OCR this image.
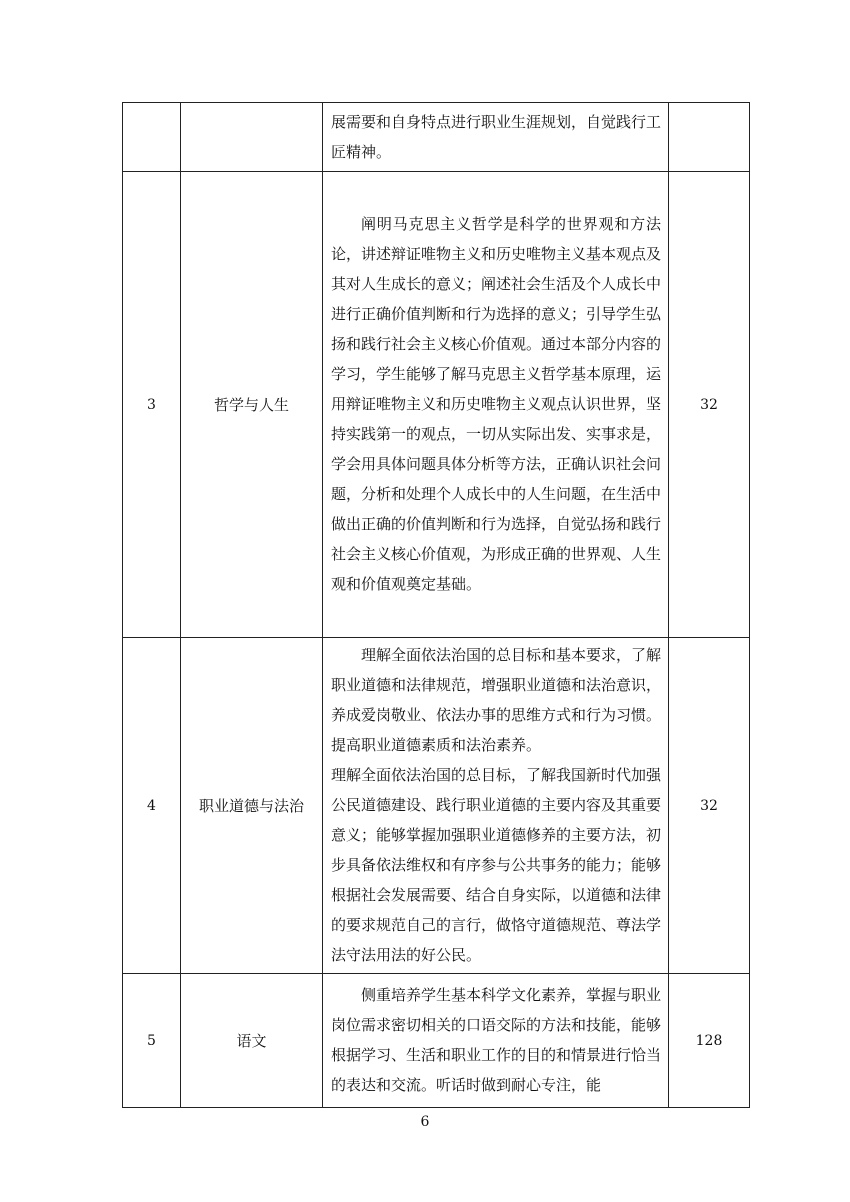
		展需要和自身特点进行职业生涯规划，自觉践行工匠精神。	

3	哲学与人生	阐明马克思主义哲学是科学的世界观和方法论，讲述辩证唯物主义和历史唯物主义基本观点及其对人生成长的意义；阐述社会生活及个人成长中进行正确价值判断和行为选择的意义；引导学生弘扬和践行社会主义核心价值观。通过本部分内容的学习，学生能够了解马克思主义哲学基本原理，运用辩证唯物主义和历史唯物主义观点认识世界，坚持实践第一的观点，一切从实际出发、实事求是，学会用具体问题具体分析等方法，正确认识社会问题，分析和处理个人成长中的人生问题，在生活中做出正确的价值判断和行为选择，自觉弘扬和践行社会主义核心价值观，为形成正确的世界观、人生观和价值观奠定基础。	32
4	职业道德与法治	理解全面依法治国的总目标和基本要求，了解职业道德和法律规范，增强职业道德和法治意识，养成爱岗敬业、依法办事的思维方式和行为习惯。提高职业道德素质和法治素养。

理解全面依法治国的总目标，了解我国新时代加强公民道德建设、践行职业道德的主要内容及其重要意义；能够掌握加强职业道德修养的主要方法，初步具备依法维权和有序参与公共事务的能力；能够根据社会发展需要、结合自身实际，以道德和法律的要求规范自己的言行，做恪守道德规范、尊法学法守法用法的好公民。	32
5	语文	侧重培养学生基本科学文化素养，掌握与职业岗位需求密切相关的口语交际的方法和技能，能够根据学习、生活和职业工作的目的和情景进行恰当的表达和交流。听话时做到耐心专注，能	128
6
